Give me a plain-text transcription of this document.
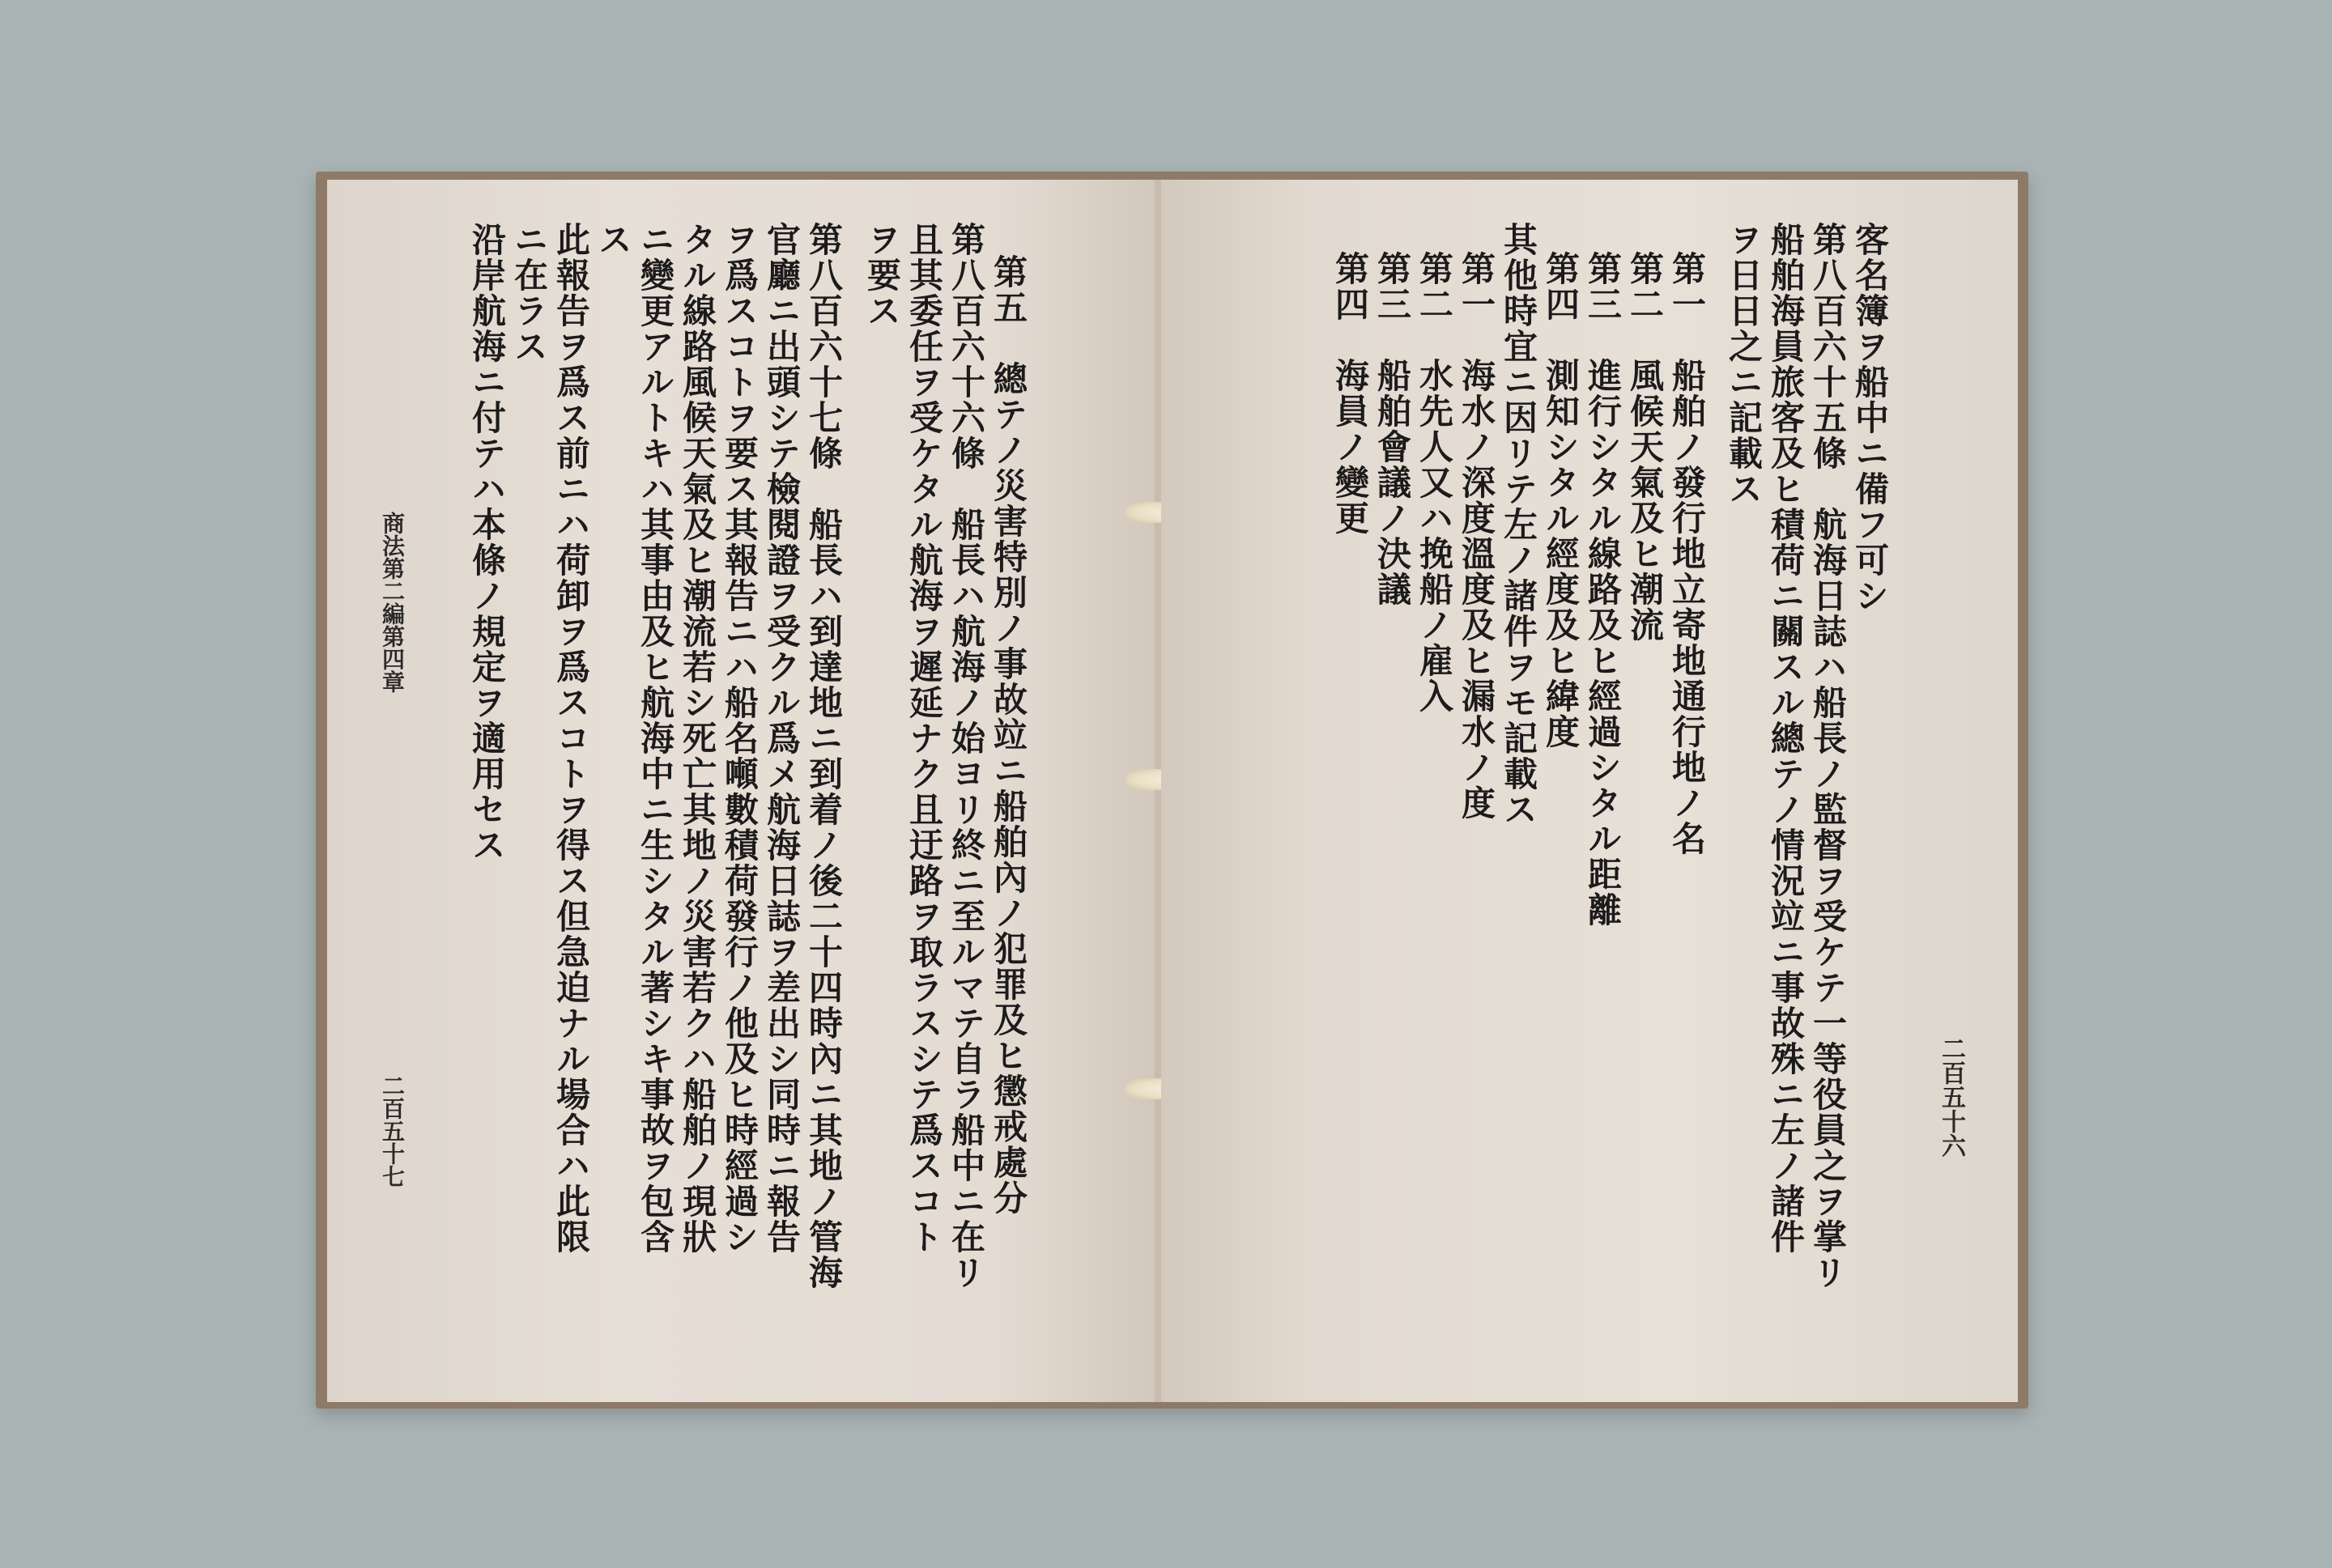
第五　總テノ災害特別ノ事故竝ニ船舶內ノ犯罪及ヒ懲戒處分
第八百六十六條　船長ハ航海ノ始ヨリ終ニ至ルマテ自ラ船中ニ在リ
且其委任ヲ受ケタル航海ヲ遲延ナク且迂路ヲ取ラスシテ爲スコト
ヲ要ス
第八百六十七條　船長ハ到達地ニ到着ノ後二十四時內ニ其地ノ管海
官廳ニ出頭シテ檢閱證ヲ受クル爲メ航海日誌ヲ差出シ同時ニ報告
ヲ爲スコトヲ要ス其報告ニハ船名噸數積荷發行ノ他及ヒ時經過シ
タル線路風候天氣及ヒ潮流若シ死亡其地ノ災害若クハ船舶ノ現狀
ニ變更アルトキハ其事由及ヒ航海中ニ生シタル著シキ事故ヲ包含
ス
此報告ヲ爲ス前ニハ荷卸ヲ爲スコトヲ得ス但急迫ナル場合ハ此限
ニ在ラス
沿岸航海ニ付テハ本條ノ規定ヲ適用セス
商法第二編第四章
二百五十七
　　　　　　　　　　　	二百五十六
客名簿ヲ船中ニ備フ可シ
第八百六十五條　航海日誌ハ船長ノ監督ヲ受ケテ一等役員之ヲ掌リ
船舶海員旅客及ヒ積荷ニ關スル總テノ情況竝ニ事故殊ニ左ノ諸件
ヲ日日之ニ記載ス
第一　船舶ノ發行地立寄地通行地ノ名
第二　風候天氣及ヒ潮流
第三　進行シタル線路及ヒ經過シタル距離
第四　測知シタル經度及ヒ緯度
其他時宜ニ因リテ左ノ諸件ヲモ記載ス
第一　海水ノ深度溫度及ヒ漏水ノ度
第二　水先人又ハ挽船ノ雇入
第三　船舶會議ノ決議
第四　海員ノ變更
